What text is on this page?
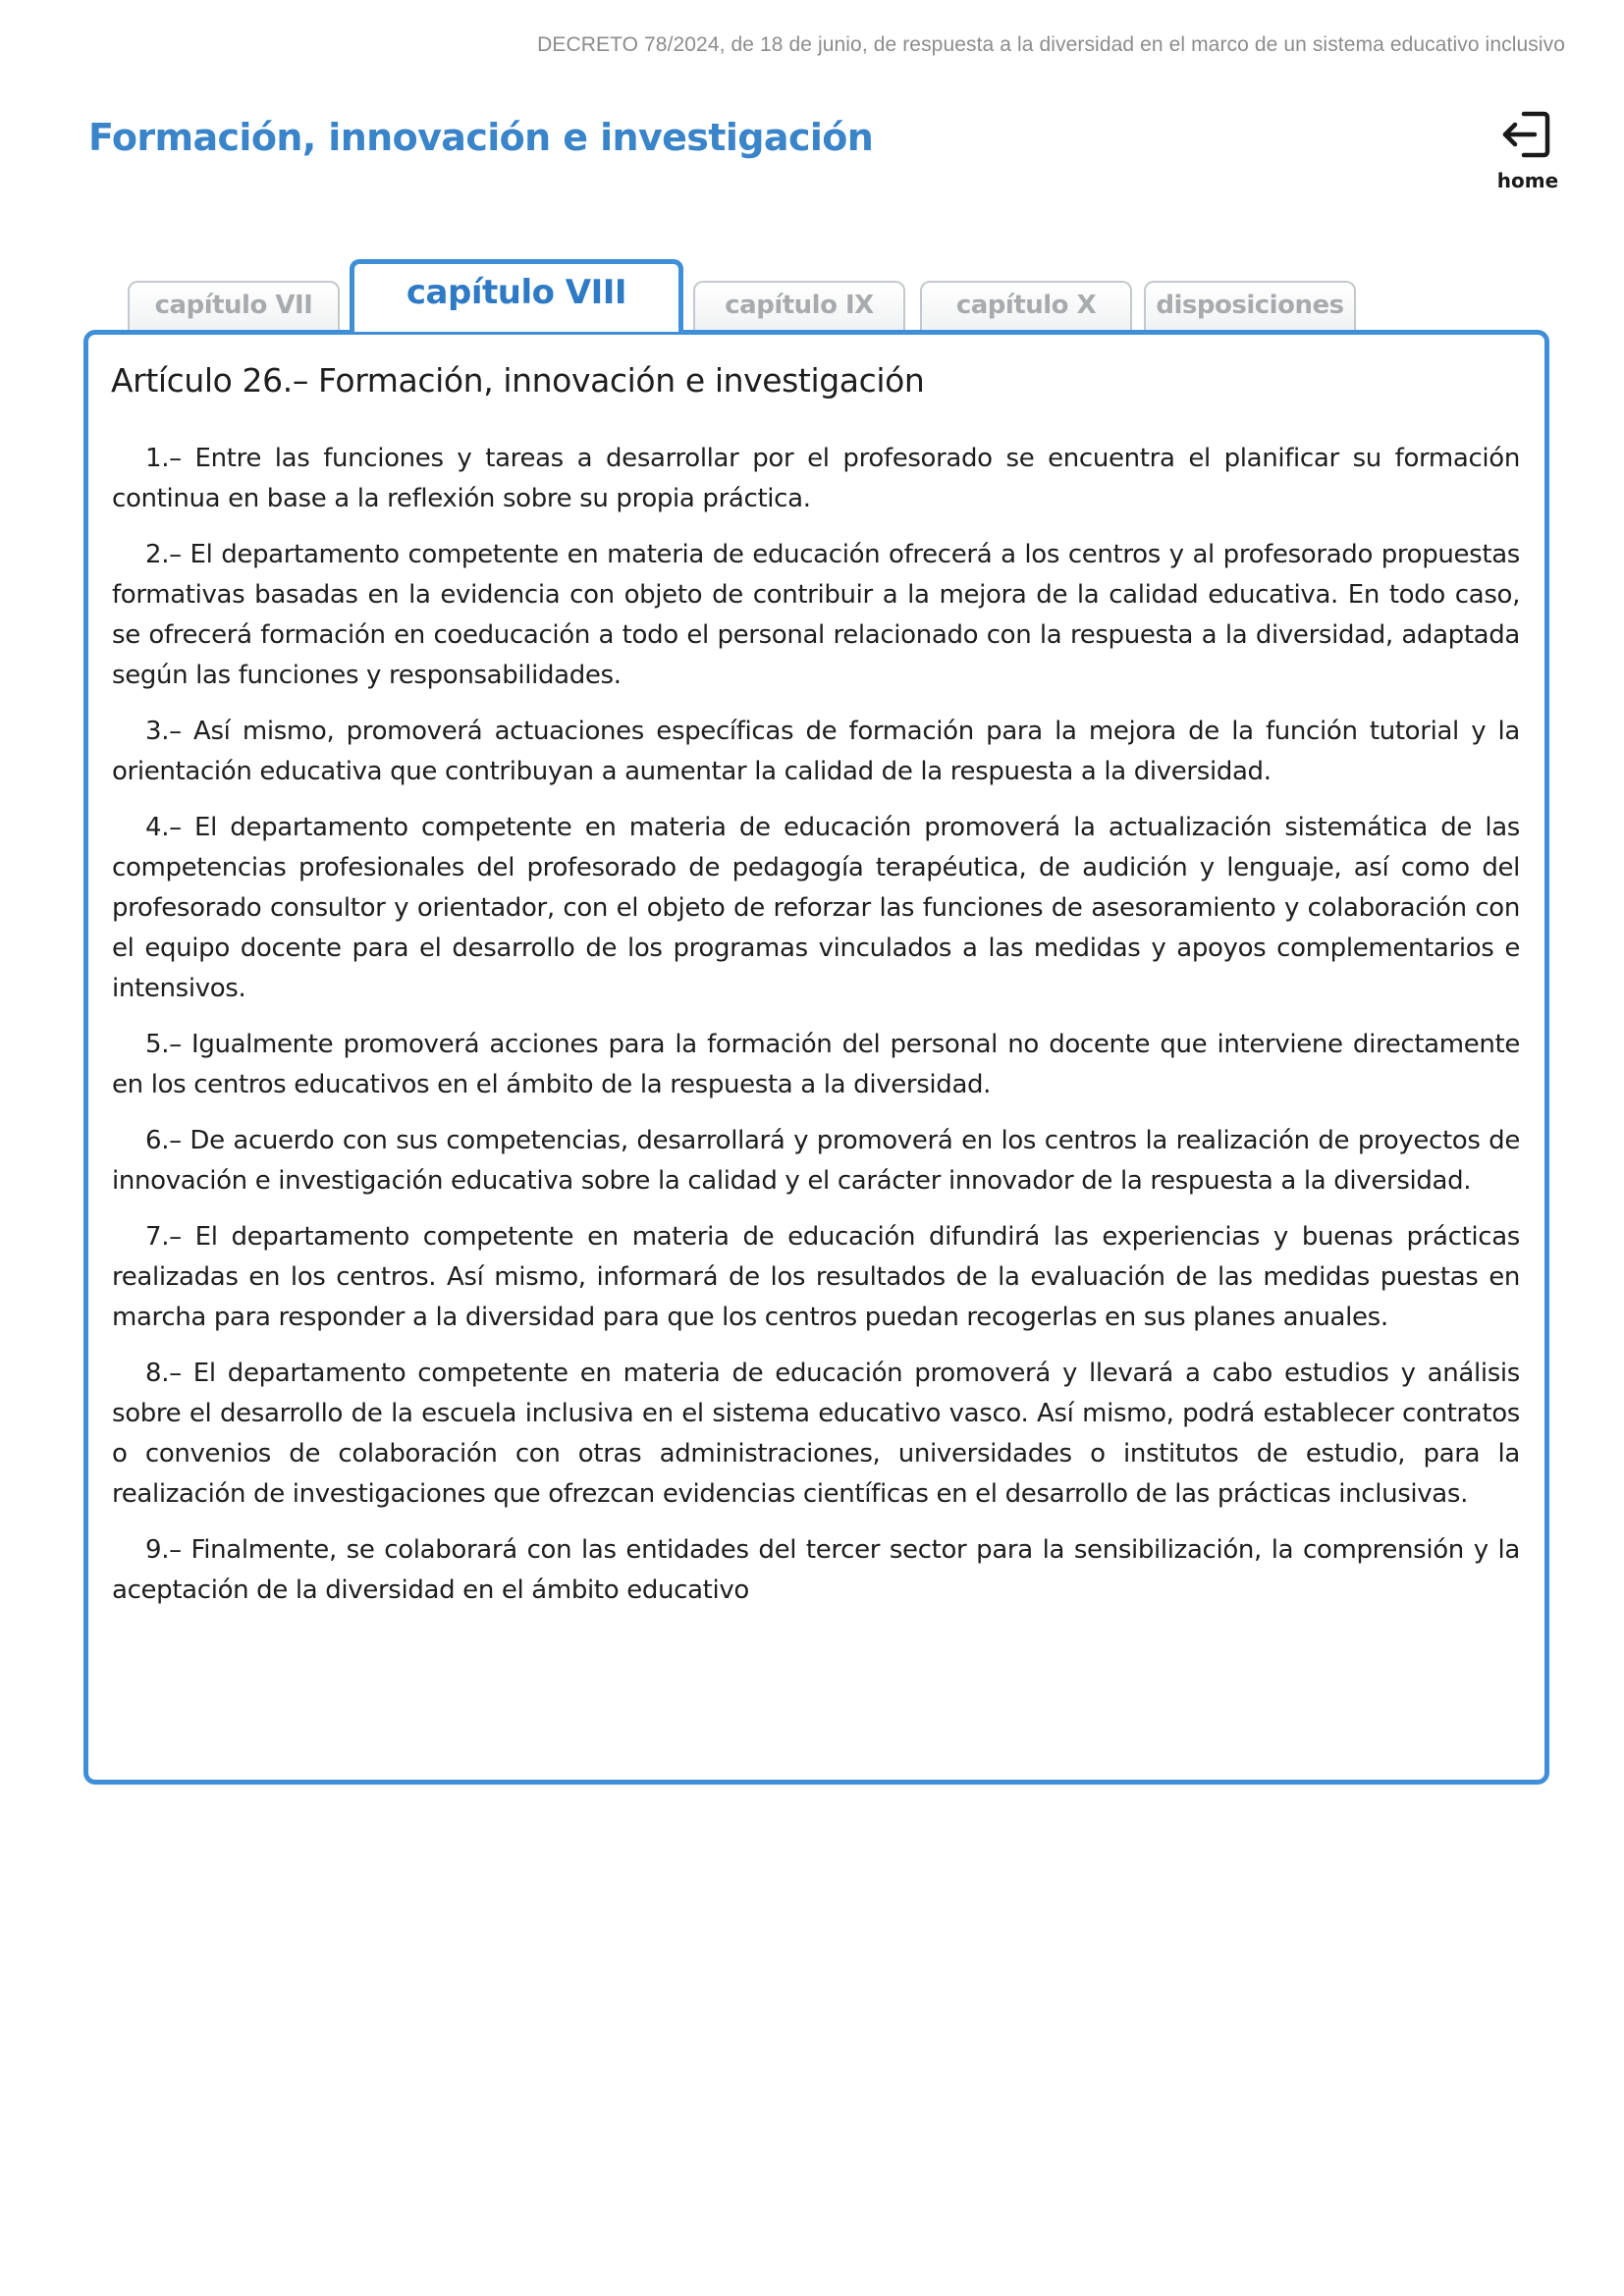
DECRETO 78/2024, de 18 de junio, de respuesta a la diversidad en el marco de un sistema educativo inclusivo
Formación, innovación e investigación
home
capítulo VII	capítulo VIII	capítulo IX	capítulo X	disposiciones
Artículo 26.– Formación, innovación e investigación

1.– Entre las funciones y tareas a desarrollar por el profesorado se encuentra el planificar su formación continua en base a la reflexión sobre su propia práctica.

2.– El departamento competente en materia de educación ofrecerá a los centros y al profesorado propuestas formativas basadas en la evidencia con objeto de contribuir a la mejora de la calidad educativa. En todo caso, se ofrecerá formación en coeducación a todo el personal relacionado con la respuesta a la diversidad, adaptada según las funciones y responsabilidades.

3.– Así mismo, promoverá actuaciones específicas de formación para la mejora de la función tutorial y la orientación educativa que contribuyan a aumentar la calidad de la respuesta a la diversidad.

4.– El departamento competente en materia de educación promoverá la actualización sistemática de las competencias profesionales del profesorado de pedagogía terapéutica, de audición y lenguaje, así como del profesorado consultor y orientador, con el objeto de reforzar las funciones de asesoramiento y colaboración con el equipo docente para el desarrollo de los programas vinculados a las medidas y apoyos complementarios e intensivos.

5.– Igualmente promoverá acciones para la formación del personal no docente que interviene directamente en los centros educativos en el ámbito de la respuesta a la diversidad.

6.– De acuerdo con sus competencias, desarrollará y promoverá en los centros la realización de proyectos de innovación e investigación educativa sobre la calidad y el carácter innovador de la respuesta a la diversidad.

7.– El departamento competente en materia de educación difundirá las experiencias y buenas prácticas realizadas en los centros. Así mismo, informará de los resultados de la evaluación de las medidas puestas en marcha para responder a la diversidad para que los centros puedan recogerlas en sus planes anuales.

8.– El departamento competente en materia de educación promoverá y llevará a cabo estudios y análisis sobre el desarrollo de la escuela inclusiva en el sistema educativo vasco. Así mismo, podrá establecer contratos o convenios de colaboración con otras administraciones, universidades o institutos de estudio, para la realización de investigaciones que ofrezcan evidencias científicas en el desarrollo de las prácticas inclusivas.

9.– Finalmente, se colaborará con las entidades del tercer sector para la sensibilización, la comprensión y la aceptación de la diversidad en el ámbito educativo
